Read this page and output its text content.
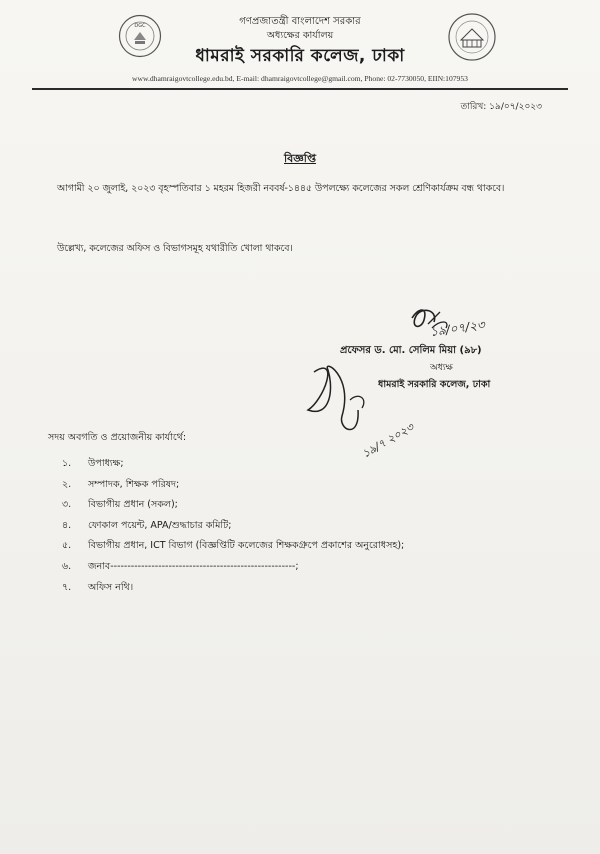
DGC	গণপ্রজাতন্ত্রী বাংলাদেশ সরকার
অধ্যক্ষের কার্যালয়
ধামরাই সরকারি কলেজ, ঢাকা
www.dhamraigovtcollege.edu.bd, E-mail: dhamraigovtcollege@gmail.com, Phone: 02-7730050, EIIN:107953
তারিখ: ১৯/০৭/২০২৩
বিজ্ঞপ্তি
আগামী ২০ জুলাই, ২০২৩ বৃহস্পতিবার ১ মহরম হিজরী নববর্ষ-১৪৪৫ উপলক্ষ্যে কলেজের সকল শ্রেণিকার্যক্রম বন্ধ থাকবে।
উল্লেখ্য, কলেজের অফিস ও বিভাগসমূহ যথারীতি খোলা থাকবে।
১৯/০৭/২৩
১৯/৭ ২০২৩
প্রফেসর ড. মো. সেলিম মিয়া (৯৮)
অধ্যক্ষ
ধামরাই সরকারি কলেজ, ঢাকা
সদয় অবগতি ও প্রয়োজনীয় কার্যার্থে:
১. উপাধ্যক্ষ;
২. সম্পাদক, শিক্ষক পরিষদ;
৩. বিভাগীয় প্রধান (সকল);
৪. ফোকাল পয়েন্ট, APA/শুদ্ধাচার কমিটি;
৫. বিভাগীয় প্রধান, ICT বিভাগ (বিজ্ঞপ্তিটি কলেজের শিক্ষকগ্রুপে প্রকাশের অনুরোধসহ);
৬. জনাব------------------------------------------------------;
৭. অফিস নথি।
